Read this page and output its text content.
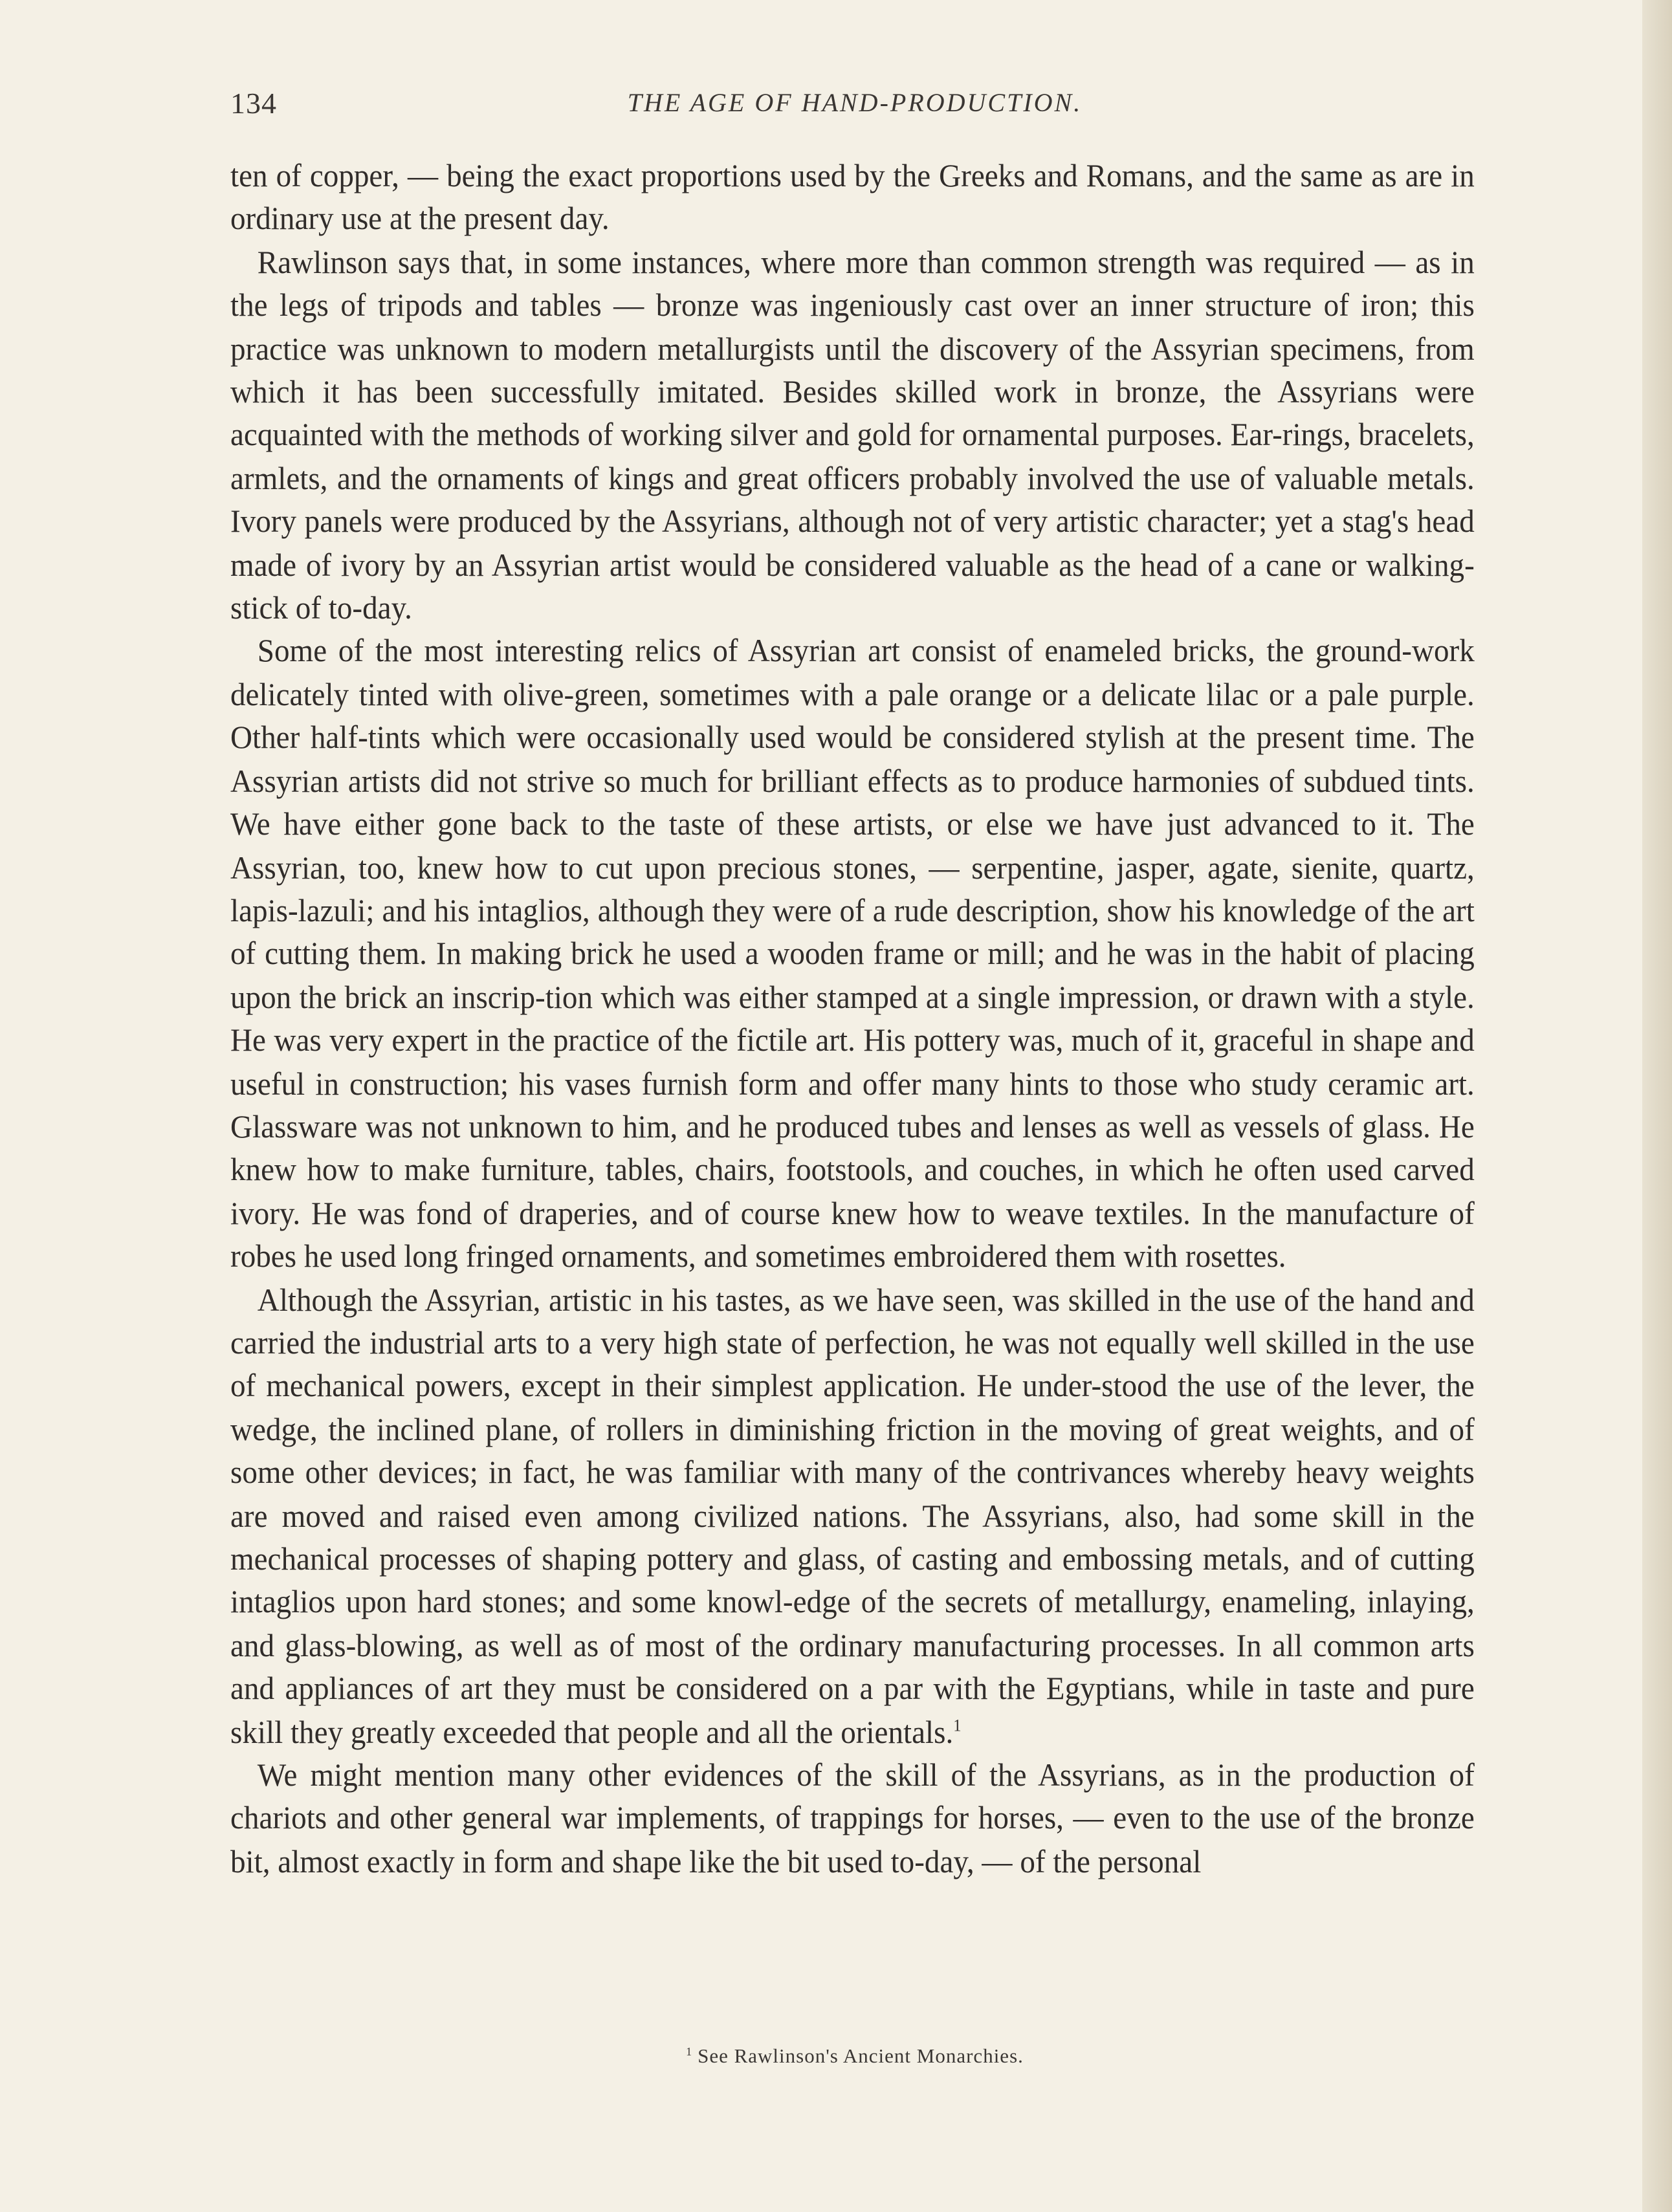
134	THE AGE OF HAND-PRODUCTION.

ten of copper, — being the exact proportions used by the Greeks and Romans, and the same as are in ordinary use at the present day.

Rawlinson says that, in some instances, where more than common strength was required — as in the legs of tripods and tables — bronze was ingeniously cast over an inner structure of iron; this practice was unknown to modern metallurgists until the discovery of the Assyrian specimens, from which it has been successfully imitated. Besides skilled work in bronze, the Assyrians were acquainted with the methods of working silver and gold for ornamental purposes. Ear-rings, bracelets, armlets, and the ornaments of kings and great officers probably involved the use of valuable metals. Ivory panels were produced by the Assyrians, although not of very artistic character; yet a stag's head made of ivory by an Assyrian artist would be considered valuable as the head of a cane or walking-stick of to-day.

Some of the most interesting relics of Assyrian art consist of enameled bricks, the ground-work delicately tinted with olive-green, sometimes with a pale orange or a delicate lilac or a pale purple. Other half-tints which were occasionally used would be considered stylish at the present time. The Assyrian artists did not strive so much for brilliant effects as to produce harmonies of subdued tints. We have either gone back to the taste of these artists, or else we have just advanced to it. The Assyrian, too, knew how to cut upon precious stones, — serpentine, jasper, agate, sienite, quartz, lapis-lazuli; and his intaglios, although they were of a rude description, show his knowledge of the art of cutting them. In making brick he used a wooden frame or mill; and he was in the habit of placing upon the brick an inscrip-tion which was either stamped at a single impression, or drawn with a style. He was very expert in the practice of the fictile art. His pottery was, much of it, graceful in shape and useful in construction; his vases furnish form and offer many hints to those who study ceramic art. Glassware was not unknown to him, and he produced tubes and lenses as well as vessels of glass. He knew how to make furniture, tables, chairs, footstools, and couches, in which he often used carved ivory. He was fond of draperies, and of course knew how to weave textiles. In the manufacture of robes he used long fringed ornaments, and sometimes embroidered them with rosettes.

Although the Assyrian, artistic in his tastes, as we have seen, was skilled in the use of the hand and carried the industrial arts to a very high state of perfection, he was not equally well skilled in the use of mechanical powers, except in their simplest application. He under-stood the use of the lever, the wedge, the inclined plane, of rollers in diminishing friction in the moving of great weights, and of some other devices; in fact, he was familiar with many of the contrivances whereby heavy weights are moved and raised even among civilized nations. The Assyrians, also, had some skill in the mechanical processes of shaping pottery and glass, of casting and embossing metals, and of cutting intaglios upon hard stones; and some knowl-edge of the secrets of metallurgy, enameling, inlaying, and glass-blowing, as well as of most of the ordinary manufacturing processes. In all common arts and appliances of art they must be considered on a par with the Egyptians, while in taste and pure skill they greatly exceeded that people and all the orientals.$^1$

We might mention many other evidences of the skill of the Assyrians, as in the production of chariots and other general war implements, of trappings for horses, — even to the use of the bronze bit, almost exactly in form and shape like the bit used to-day, — of the personal

$^1$ See Rawlinson's Ancient Monarchies.
